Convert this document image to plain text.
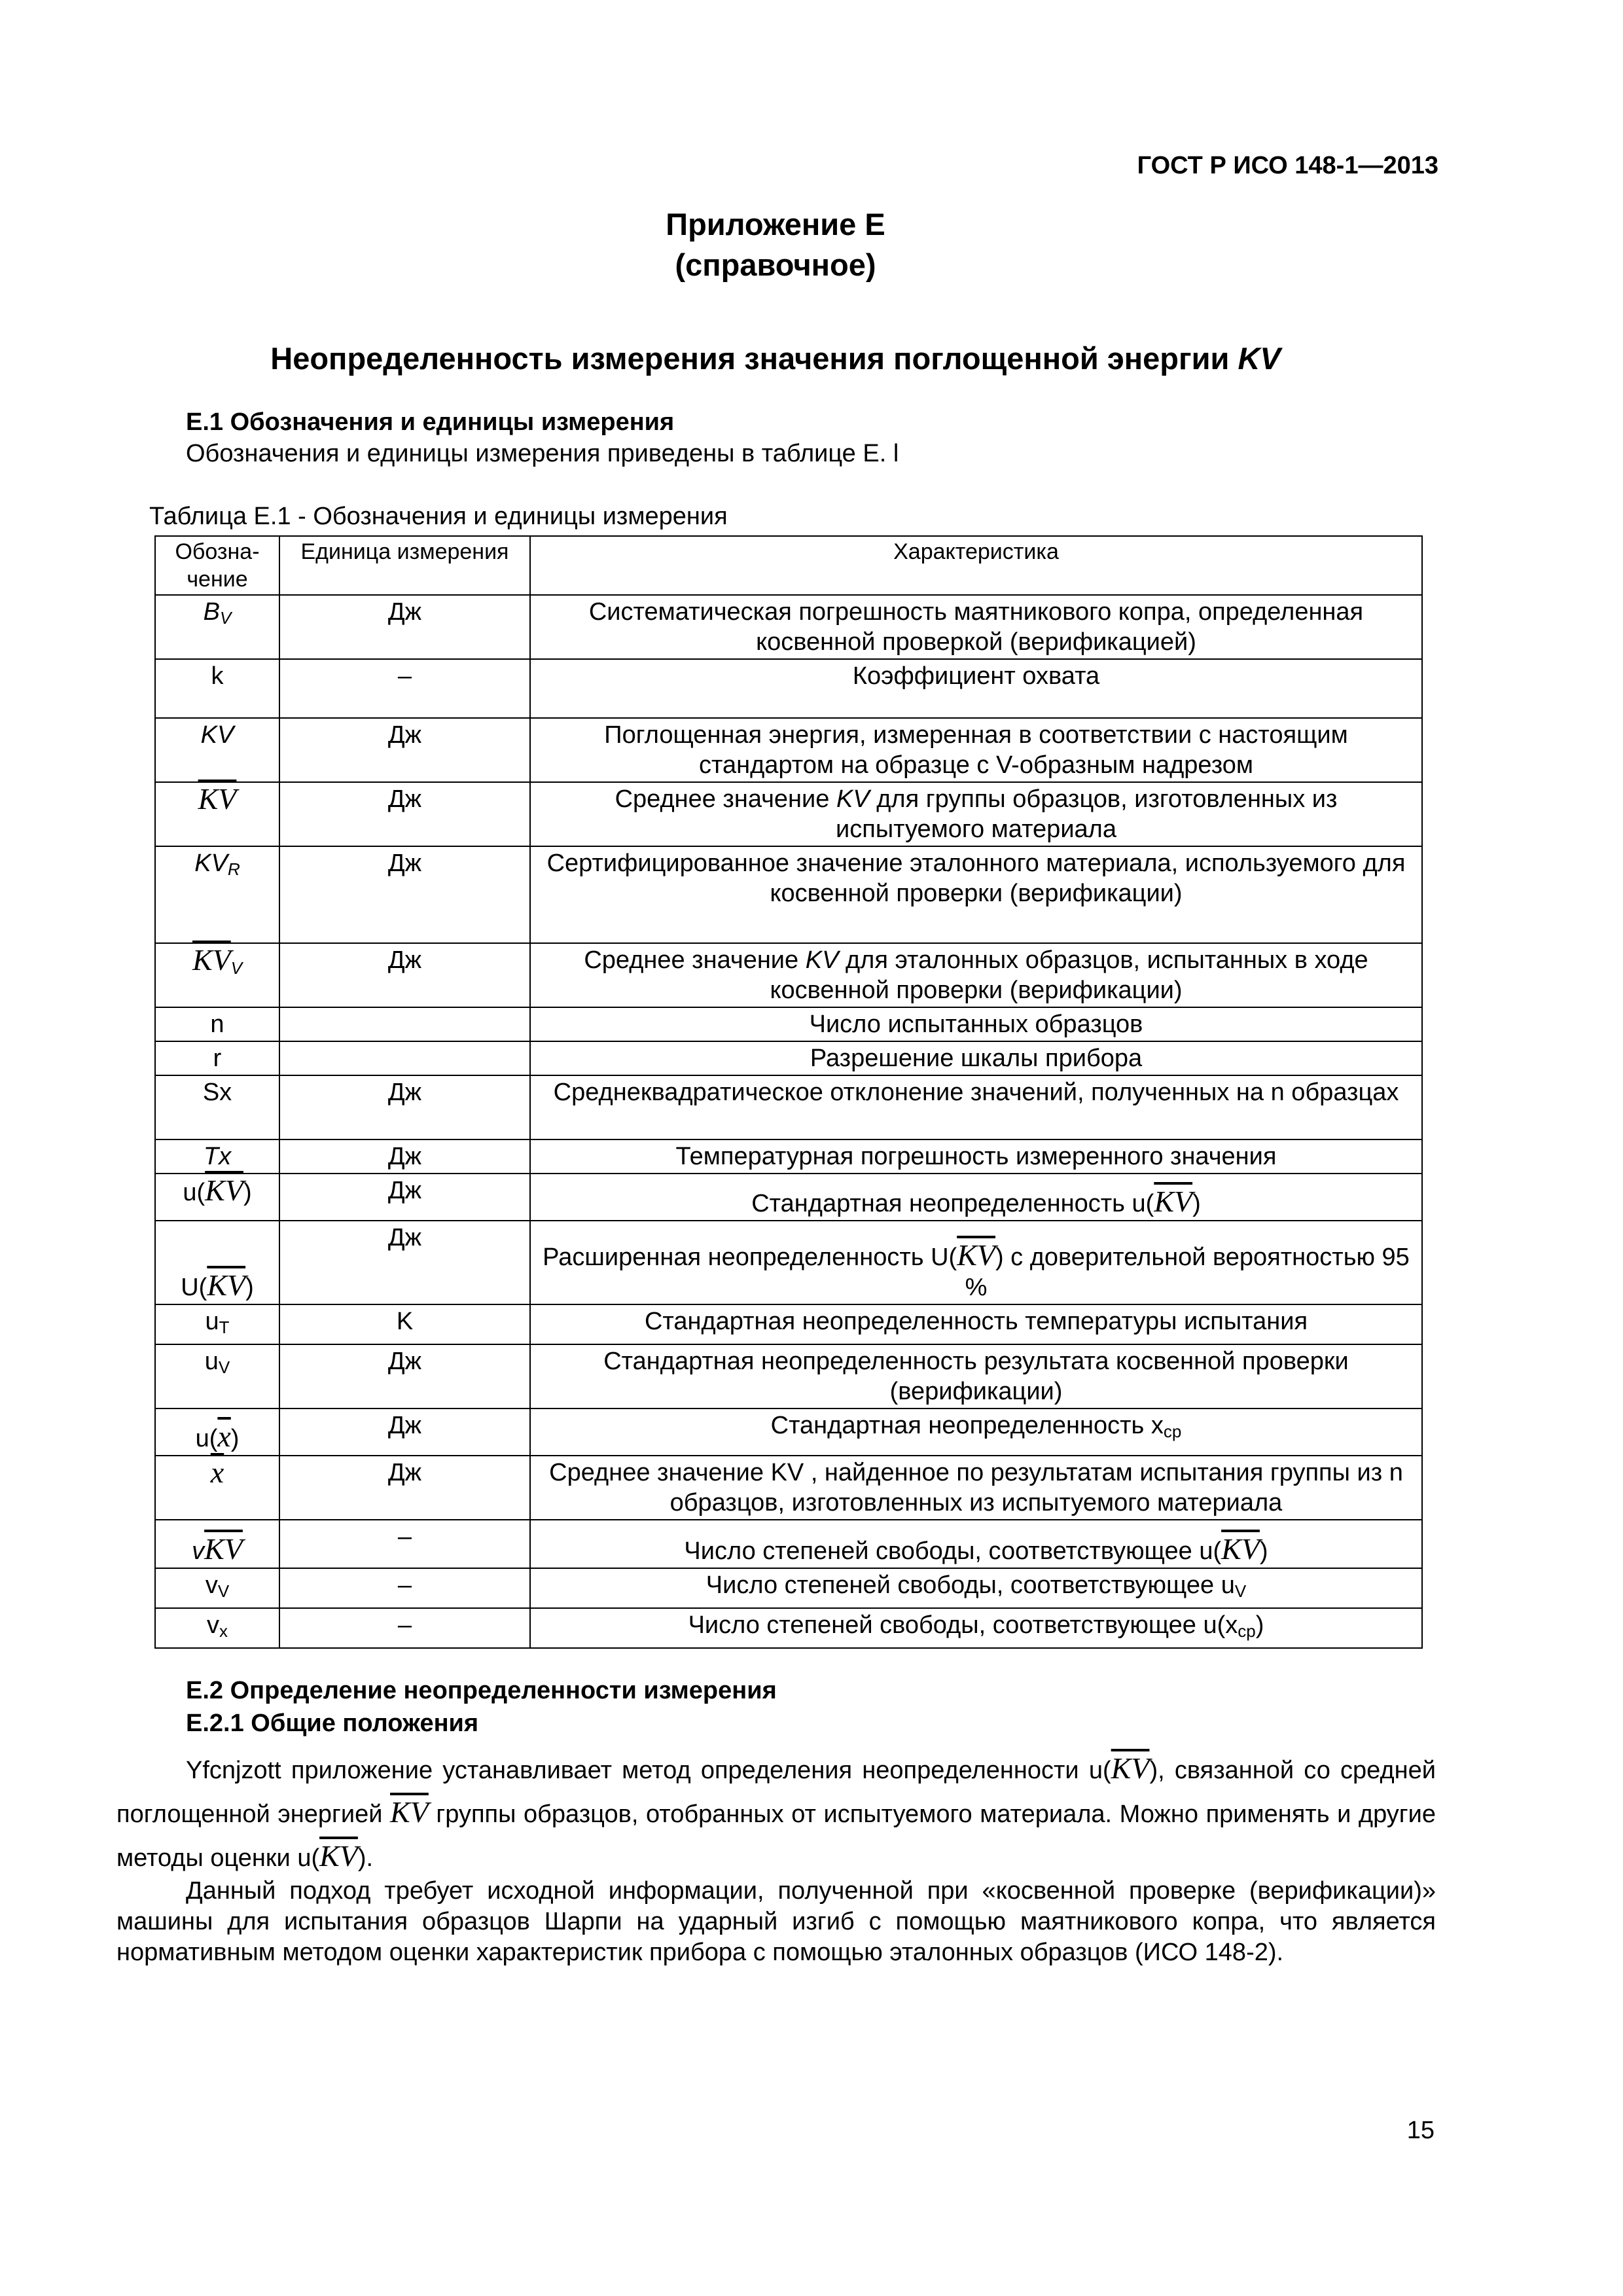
ГОСТ Р ИСО 148-1—2013
Приложение Е
(справочное)
Неопределенность измерения значения поглощенной энергии KV
Е.1 Обозначения и единицы измерения
Обозначения и единицы измерения приведены в таблице Е. l
Таблица Е.1 - Обозначения и единицы измерения
Обозна-чение	Единица измерения	Характеристика
$B_V$	Дж	Систематическая погрешность маятникового копра, определенная косвенной проверкой (верификацией)
k	–	Коэффициент охвата
KV	Дж	Поглощенная энергия, измеренная в соответствии с настоящим стандартом на образце с V-образным надрезом
$\overline{KV}$	Дж	Среднее значение KV для группы образцов, изготовленных из испытуемого материала
$KV_R$	Дж	Сертифицированное значение эталонного материала, используемого для косвенной проверки (верификации)
$\overline{KV}_V$	Дж	Среднее значение KV для эталонных образцов, испытанных в ходе косвенной проверки (верификации)
n		Число испытанных образцов
r		Разрешение шкалы прибора
Sx	Дж	Среднеквадратическое отклонение значений, полученных на n образцах
Tx	Дж	Температурная погрешность измеренного значения
$u(\overline{KV})$	Дж	Стандартная неопределенность $u(\overline{KV})$
$U(\overline{KV})$	Дж	Расширенная неопределенность $U(\overline{KV})$ с доверительной вероятностью 95 %
$u_T$	K	Стандартная неопределенность температуры испытания
$u_V$	Дж	Стандартная неопределенность результата косвенной проверки (верификации)
$u(\overline{x})$	Дж	Стандартная неопределенность $x_{ср}$
$\overline{x}$	Дж	Среднее значение KV , найденное по результатам испытания группы из n образцов, изготовленных из испытуемого материала
$v\overline{KV}$	–	Число степеней свободы, соответствующее $u(\overline{KV})$
$v_V$	–	Число степеней свободы, соответствующее $u_V$
$v_x$	–	Число степеней свободы, соответствующее $u(x_{ср})$
Е.2 Определение неопределенности измерения
Е.2.1 Общие положения
Yfcnjzott приложение устанавливает метод определения неопределенности $u(\overline{KV})$, связанной со средней поглощенной энергией $\overline{KV}$ группы образцов, отобранных от испытуемого материала. Можно применять и другие методы оценки $u(\overline{KV})$.
Данный подход требует исходной информации, полученной при «косвенной проверке (верификации)» машины для испытания образцов Шарпи на ударный изгиб с помощью маятникового копра, что является нормативным методом оценки характеристик прибора с помощью эталонных образцов (ИСО 148-2).
15
